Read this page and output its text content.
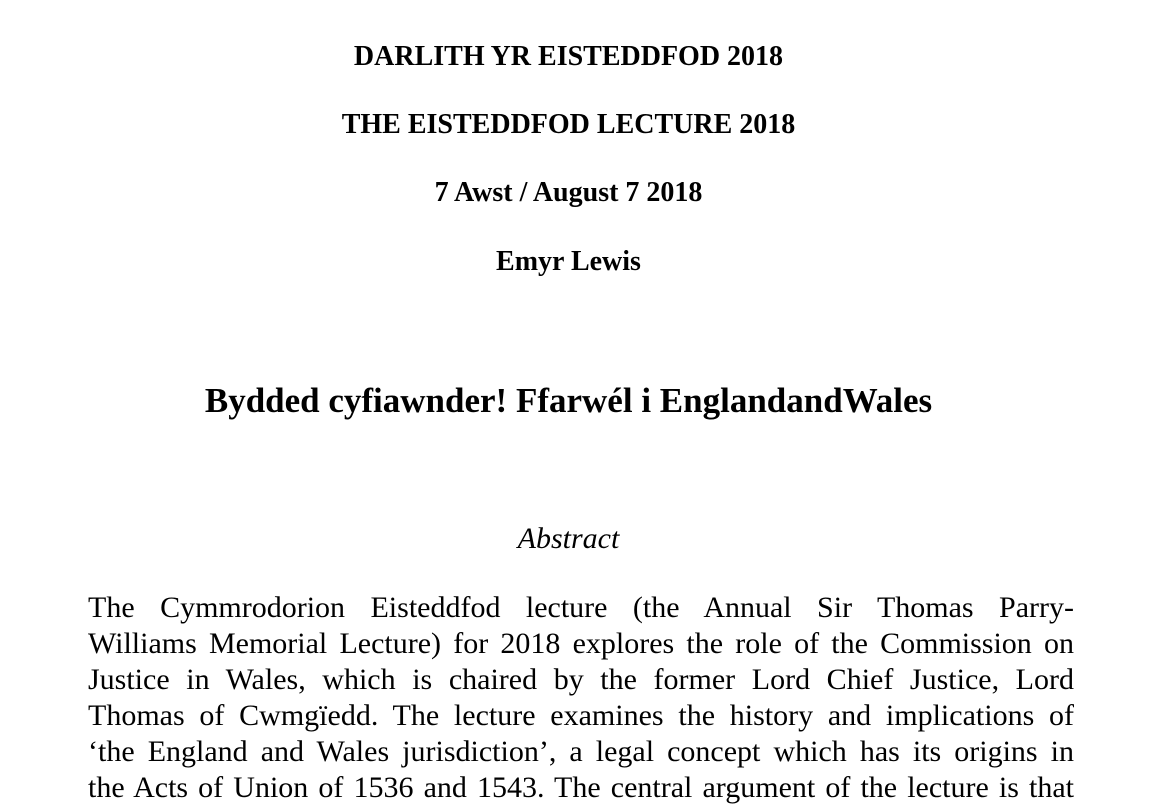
DARLITH YR EISTEDDFOD 2018
THE EISTEDDFOD LECTURE 2018
7 Awst / August 7 2018
Emyr Lewis
Bydded cyfiawnder! Ffarwél i EnglandandWales
Abstract
The Cymmrodorion Eisteddfod lecture (the Annual Sir Thomas Parry-
Williams Memorial Lecture) for 2018 explores the role of the Commission on
Justice in Wales, which is chaired by the former Lord Chief Justice, Lord
Thomas of Cwmgïedd. The lecture examines the history and implications of
‘the England and Wales jurisdiction’, a legal concept which has its origins in
the Acts of Union of 1536 and 1543. The central argument of the lecture is that
